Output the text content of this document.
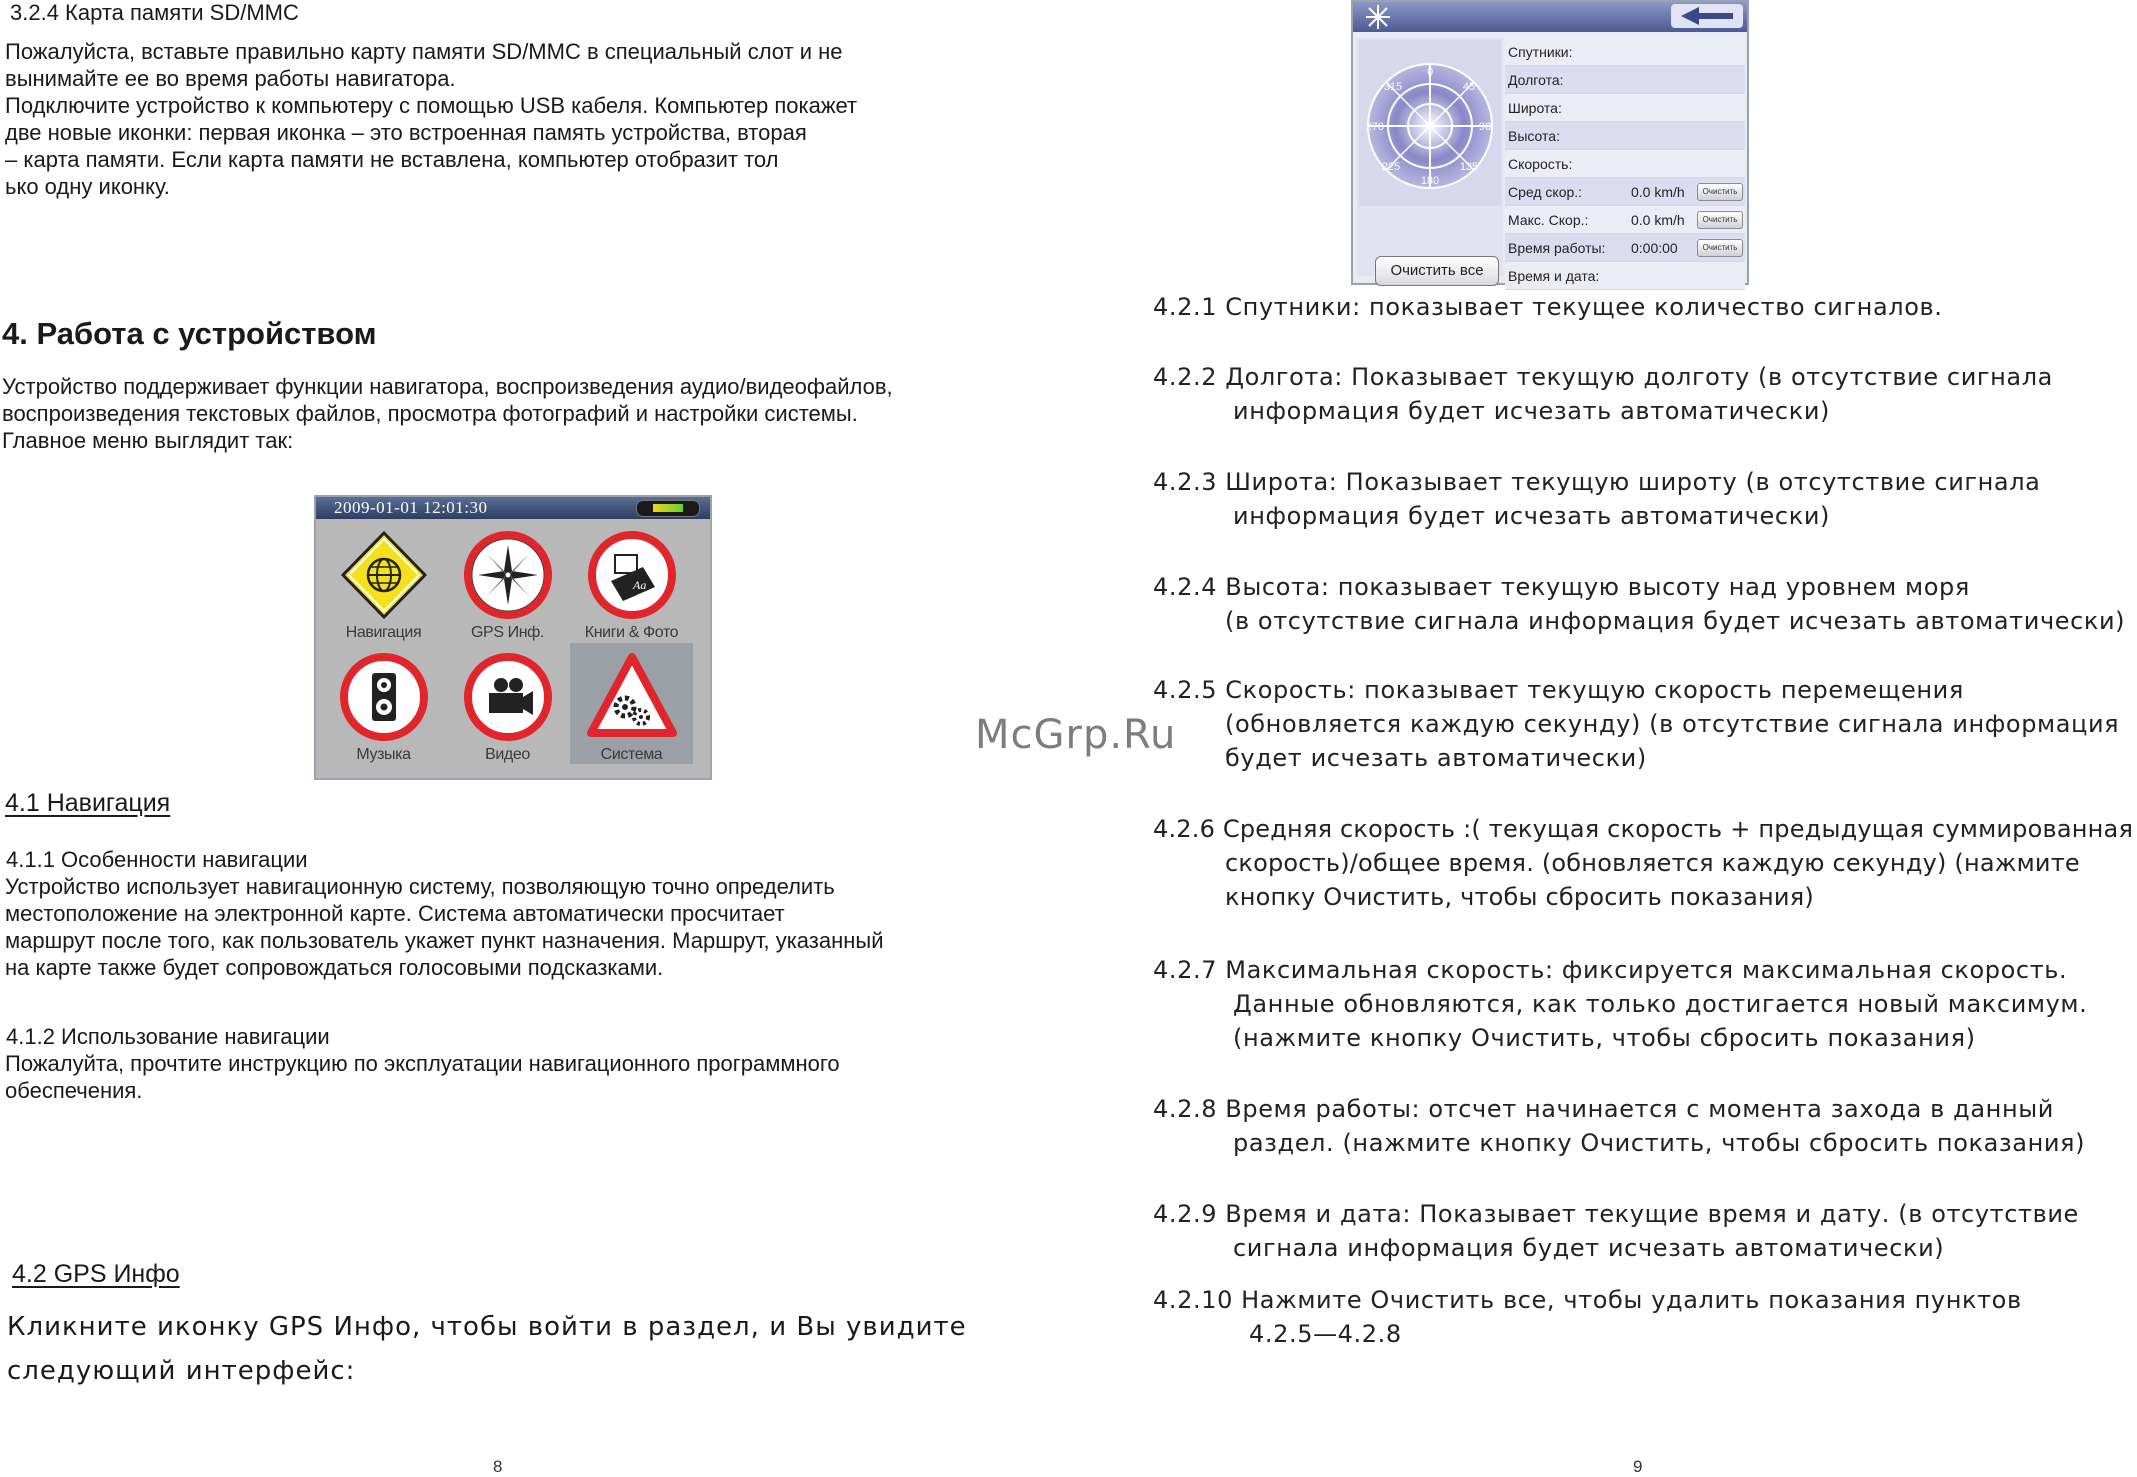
3.2.4 Карта памяти SD/MMC
Пожалуйста, вставьте правильно карту памяти SD/MMC в специальный слот и не
вынимайте ее во время работы навигатора.
Подключите устройство к компьютеру с помощью USB кабеля. Компьютер покажет
две новые иконки: первая иконка – это встроенная память устройства, вторая
– карта памяти. Если карта памяти не вставлена, компьютер отобразит тол
ько одну иконку.
4. Работа с устройством
Устройство поддерживает функции навигатора, воспроизведения аудио/видеофайлов,
воспроизведения текстовых файлов, просмотра фотографий и настройки системы.
Главное меню выглядит так:
2009-01-01 12:01:30
Навигация	GPS Инф.
Aa
Книги & Фото
Музыка	Видео	Система
4.1 Навигация
4.1.1 Особенности навигации
Устройство использует навигационную систему, позволяющую точно определить
местоположение на электронной карте. Система автоматически просчитает
маршрут после того, как пользователь укажет пункт назначения. Маршрут, указанный
на карте также будет сопровождаться голосовыми подсказками.
4.1.2 Использование навигации
Пожалуйта, прочтите инструкцию по эксплуатации навигационного программного
обеспечения.
4.2 GPS Инфо
Кликните иконку GPS Инфо, чтобы войти в раздел, и Вы увидите
следующий интерфейс:
8
315
0
45
270	90
225
180
135
Очистить все
Спутники:
Долгота:
Широта:
Высота:
Скорость:
Сред скор.:	0.0 km/h	Очистить
Макс. Скор.:	0.0 km/h	Очистить
Время работы: 0:00:00	Очистить
Время и дата:
4.2.1 Спутники: показывает текущее количество сигналов.
4.2.2 Долгота: Показывает текущую долготу (в отсутствие сигнала
информация будет исчезать автоматически)
4.2.3 Широта: Показывает текущую широту (в отсутствие сигнала
информация будет исчезать автоматически)
4.2.4 Высота: показывает текущую высоту над уровнем моря
(в отсутствие сигнала информация будет исчезать автоматически)
4.2.5 Скорость: показывает текущую скорость перемещения
(обновляется каждую секунду) (в отсутствие сигнала информация
будет исчезать автоматически)
4.2.6 Средняя скорость :( текущая скорость + предыдущая суммированная
скорость)/общее время. (обновляется каждую секунду) (нажмите
кнопку Очистить, чтобы сбросить показания)
4.2.7 Максимальная скорость: фиксируется максимальная скорость.
Данные обновляются, как только достигается новый максимум.
(нажмите кнопку Очистить, чтобы сбросить показания)
4.2.8 Время работы: отсчет начинается с момента захода в данный
раздел. (нажмите кнопку Очистить, чтобы сбросить показания)
4.2.9 Время и дата: Показывает текущие время и дату. (в отсутствие
сигнала информация будет исчезать автоматически)
4.2.10 Нажмите Очистить все, чтобы удалить показания пунктов
4.2.5—4.2.8
McGrp.Ru
9
